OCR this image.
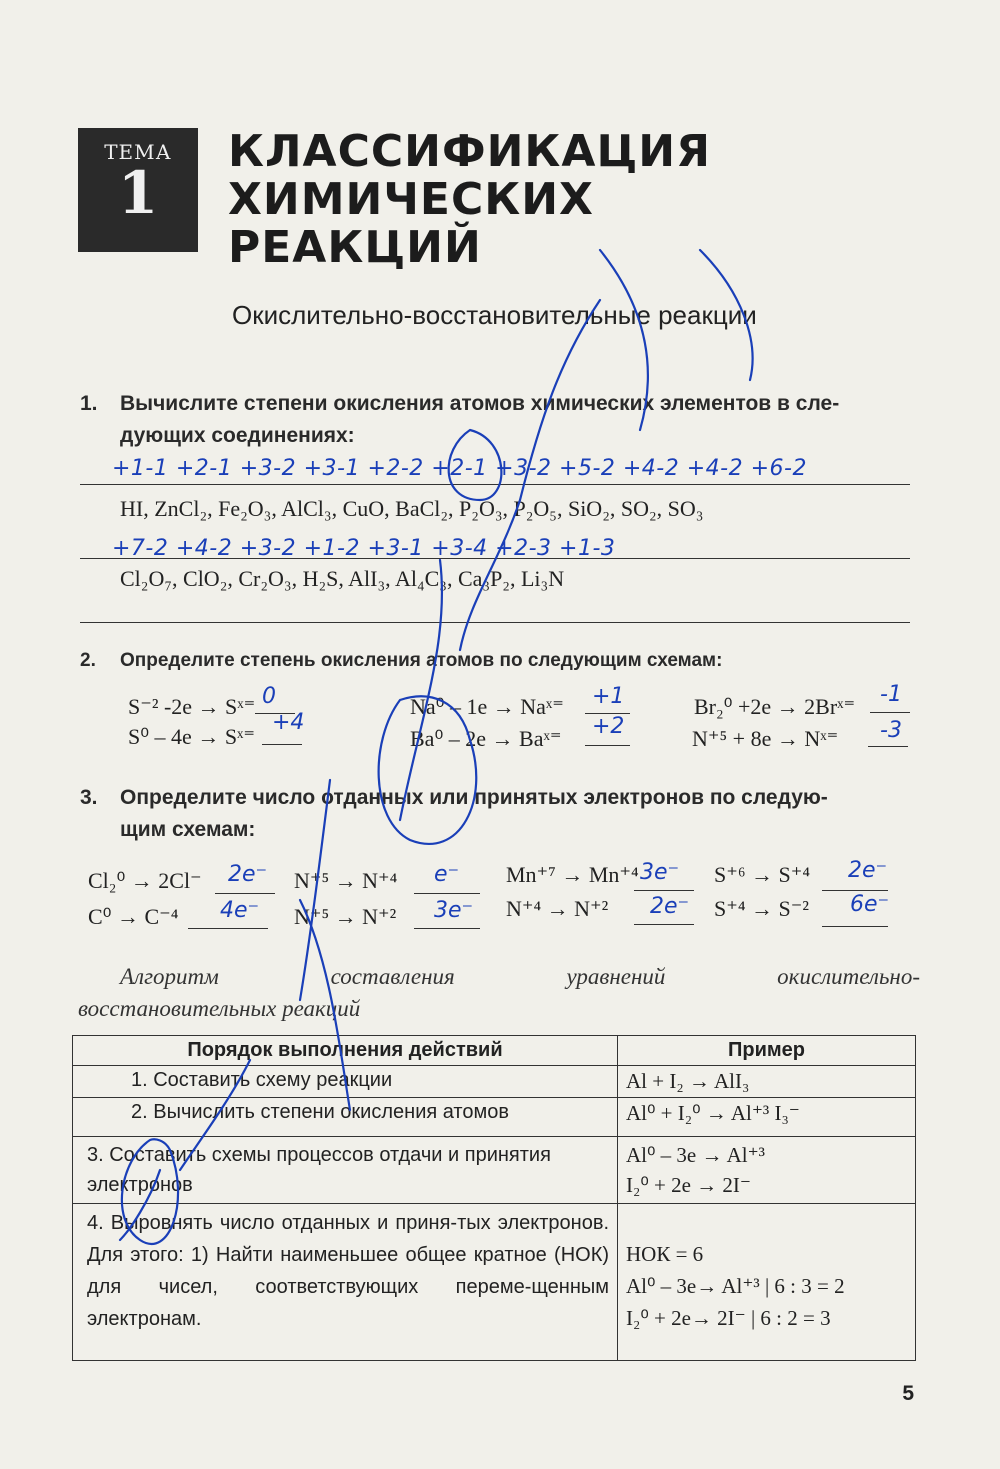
ТЕМА
1
КЛАССИФИКАЦИЯ
ХИМИЧЕСКИХ РЕАКЦИЙ
Окислительно-восстановительные реакции
1. Вычислите степени окисления атомов химических элементов в сле-
дующих соединениях:
+1-1 +2-1 +3-2 +3-1 +2-2 +2-1 +3-2 +5-2 +4-2 +4-2 +6-2
HI, ZnCl₂, Fe₂O₃, AlCl₃, CuO, BaCl₂, P₂O₃, P₂O₅, SiO₂, SO₂, SO₃
+7-2 +4-2 +3-2 +1-2 +3-1 +3-4 +2-3 +1-3
Cl₂O₇, ClO₂, Cr₂O₃, H₂S, AlI₃, Al₄C₃, Ca₃P₂, Li₃N
2. Определите степень окисления атомов по следующим схемам:
S⁻² -2e → Sˣ⁼ 0
S⁰ – 4e → Sˣ⁼
+4
Na⁰ – 1e → Naˣ⁼ +1
Ba⁰ – 2e → Baˣ⁼ +2
Br₂⁰ +2e → 2Brˣ⁼ -1
N⁺⁵ + 8e → Nˣ⁼ -3
3. Определите число отданных или принятых электронов по следую-
щим схемам:
Cl₂⁰ → 2Cl⁻ 2e⁻ N⁺⁵ → N⁺⁴ e⁻ Mn⁺⁷ → Mn⁺⁴ 3e⁻ S⁺⁶ → S⁺⁴ 2e⁻
C⁰ → C⁻⁴ 4e⁻ N⁺⁵ → N⁺² 3e⁻ N⁺⁴ → N⁺² 2e⁻ S⁺⁴ → S⁻² 6e⁻
Алгоритм составления уравнений окислительно-
восстановительных реакций
Порядок выполнения действий	Пример
1. Составить схему реакции	Al + I₂ → AlI₃
2. Вычислить степени окисления атомов	Al⁰ + I₂⁰ → Al⁺³ I₃⁻
3. Составить схемы процессов отдачи и принятия электронов	Al⁰ – 3e → Al⁺³
I₂⁰ + 2e → 2I⁻

4. Выровнять число отданных и приня-тых электронов. Для этого: 1) Найти наименьшее общее кратное (НОК) для чисел, соответствующих переме-щенным электронам.	НОК = 6
Al⁰ – 3e→ Al⁺³ | 6 : 3 = 2
I₂⁰ + 2e→ 2I⁻ | 6 : 2 = 3
5
